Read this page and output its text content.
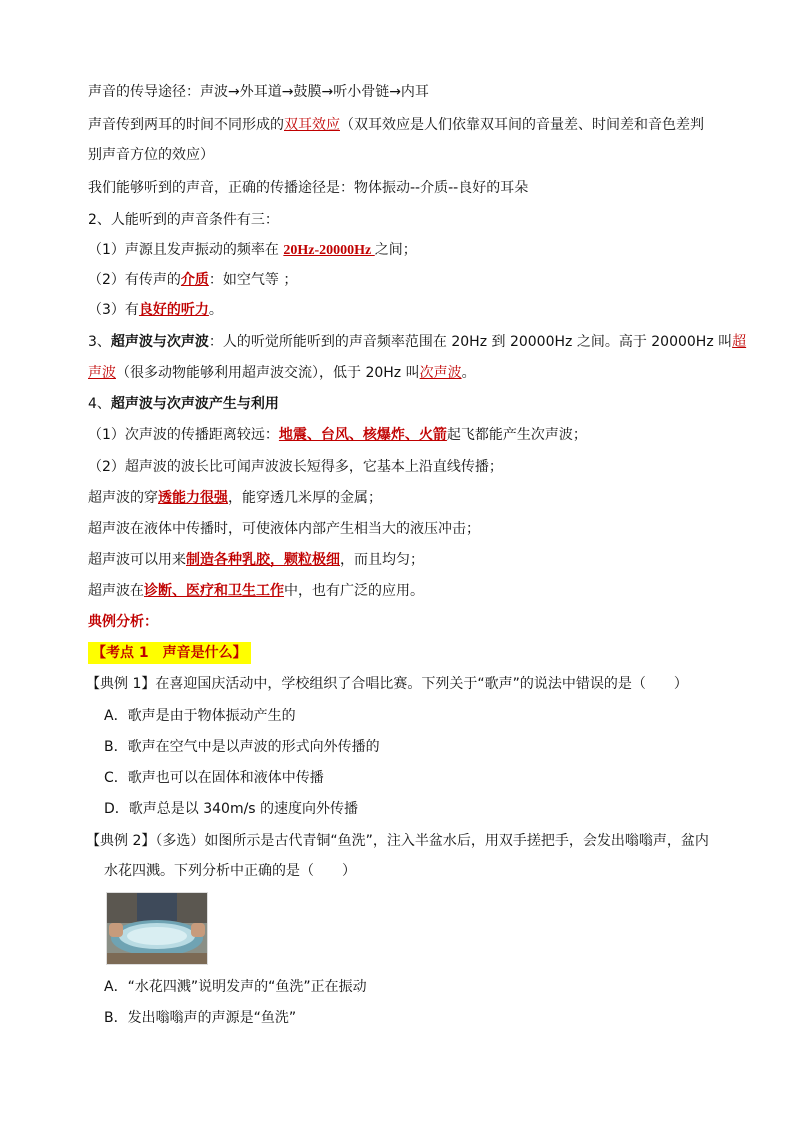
声音的传导途径：声波→外耳道→鼓膜→听小骨链→内耳
声音传到两耳的时间不同形成的双耳效应（双耳效应是人们依靠双耳间的音量差、时间差和音色差判
别声音方位的效应）
我们能够听到的声音，正确的传播途径是：物体振动--介质--良好的耳朵
2、人能听到的声音条件有三：
（1）声源且发声振动的频率在 20Hz-20000Hz 之间；
（2）有传声的介质：如空气等 ；
（3）有良好的听力。
3、超声波与次声波：人的听觉所能听到的声音频率范围在 20Hz 到 20000Hz 之间。高于 20000Hz 叫超
声波（很多动物能够利用超声波交流），低于 20Hz 叫次声波。
4、超声波与次声波产生与利用
（1）次声波的传播距离较远：地震、台风、核爆炸、火箭起飞都能产生次声波；
（2）超声波的波长比可闻声波波长短得多，它基本上沿直线传播；
超声波的穿透能力很强，能穿透几米厚的金属；
超声波在液体中传播时，可使液体内部产生相当大的液压冲击；
超声波可以用来制造各种乳胶，颗粒极细，而且均匀；
超声波在诊断、医疗和卫生工作中，也有广泛的应用。
典例分析：
【考点 1　声音是什么】
【典例 1】在喜迎国庆活动中，学校组织了合唱比赛。下列关于“歌声”的说法中错误的是（　　）
A．歌声是由于物体振动产生的
B．歌声在空气中是以声波的形式向外传播的
C．歌声也可以在固体和液体中传播
D．歌声总是以 340m/s 的速度向外传播
【典例 2】（多选）如图所示是古代青铜“鱼洗”，注入半盆水后，用双手搓把手，会发出嗡嗡声，盆内
水花四溅。下列分析中正确的是（　　）
A．“水花四溅”说明发声的“鱼洗”正在振动
B．发出嗡嗡声的声源是“鱼洗”
